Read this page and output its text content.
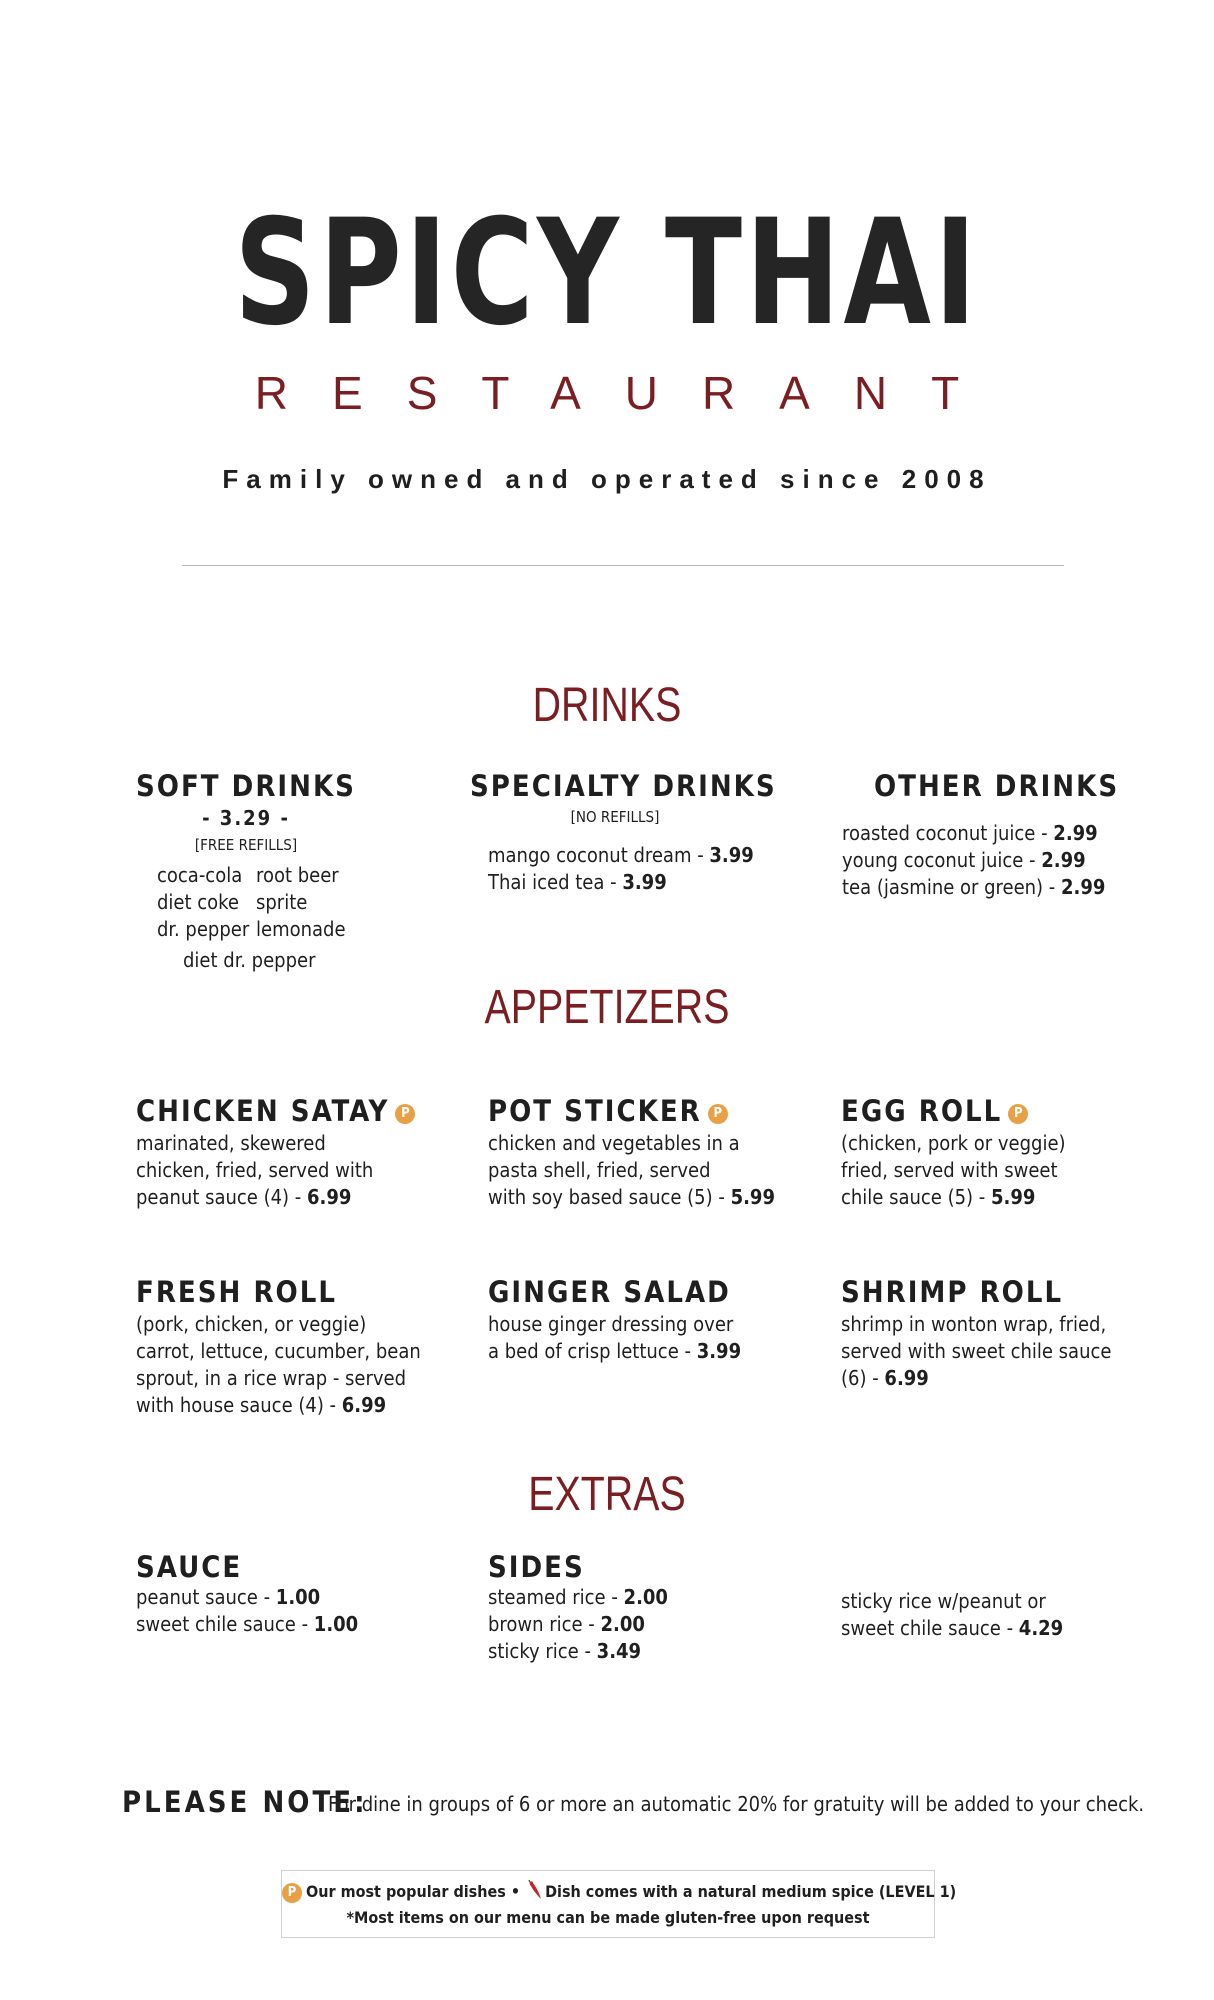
SPICY THAI
RESTAURANT
Family owned and operated since 2008
DRINKS
SOFT DRINKS
- 3.29 -
[FREE REFILLS]
coca-cola root beer
diet coke sprite
dr. pepper lemonade
diet dr. pepper
SPECIALTY DRINKS
[NO REFILLS]
mango coconut dream - 3.99
Thai iced tea - 3.99
OTHER DRINKS
roasted coconut juice - 2.99
young coconut juice - 2.99
tea (jasmine or green) - 2.99
APPETIZERS
CHICKEN SATAY P
marinated, skewered
chicken, fried, served with
peanut sauce (4) - 6.99
POT STICKER P
chicken and vegetables in a
pasta shell, fried, served
with soy based sauce (5) - 5.99
EGG ROLL P
(chicken, pork or veggie)
fried, served with sweet
chile sauce (5) - 5.99
FRESH ROLL
(pork, chicken, or veggie)
carrot, lettuce, cucumber, bean
sprout, in a rice wrap - served
with house sauce (4) - 6.99
GINGER SALAD
house ginger dressing over
a bed of crisp lettuce - 3.99
SHRIMP ROLL
shrimp in wonton wrap, fried,
served with sweet chile sauce
(6) - 6.99
EXTRAS
SAUCE
peanut sauce - 1.00
sweet chile sauce - 1.00
SIDES
steamed rice - 2.00
brown rice - 2.00
sticky rice - 3.49
sticky rice w/peanut or
sweet chile sauce - 4.29
PLEASE NOTE:
For dine in groups of 6 or more an automatic 20% for gratuity will be added to your check.
P Our most popular dishes • Dish comes with a natural medium spice (LEVEL 1)
*Most items on our menu can be made gluten-free upon request
